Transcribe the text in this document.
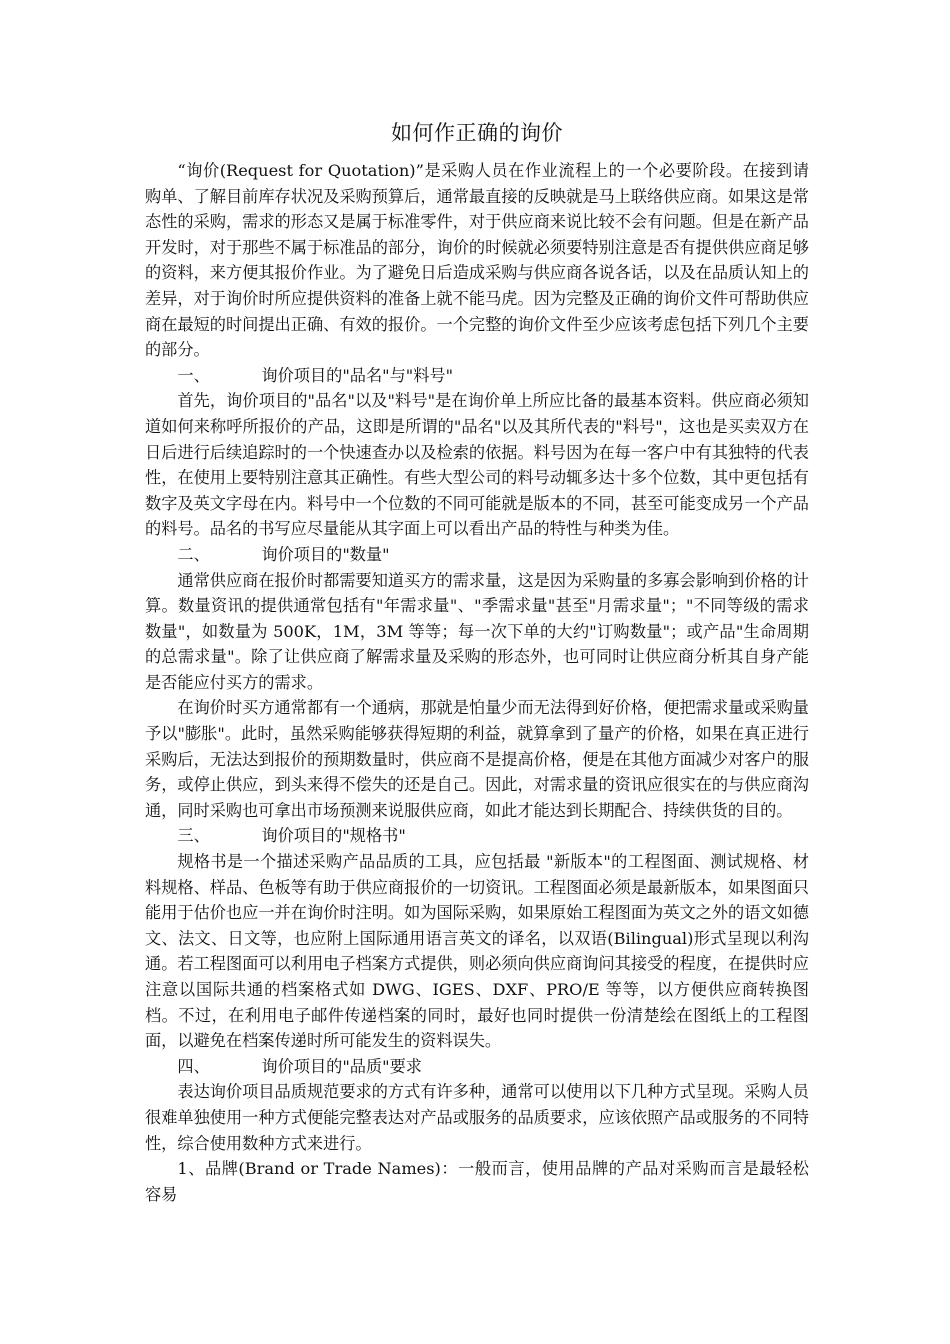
如何作正确的询价

“询价(Request for Quotation)”是采购人员在作业流程上的一个必要阶段。在接到请购单、了解目前库存状况及采购预算后，通常最直接的反映就是马上联络供应商。如果这是常态性的采购，需求的形态又是属于标准零件，对于供应商来说比较不会有问题。但是在新产品开发时，对于那些不属于标准品的部分，询价的时候就必须要特别注意是否有提供供应商足够的资料，来方便其报价作业。为了避免日后造成采购与供应商各说各话，以及在品质认知上的差异，对于询价时所应提供资料的准备上就不能马虎。因为完整及正确的询价文件可帮助供应商在最短的时间提出正确、有效的报价。一个完整的询价文件至少应该考虑包括下列几个主要的部分。

一、	询价项目的"品名"与"料号"

首先，询价项目的"品名"以及"料号"是在询价单上所应比备的最基本资料。供应商必须知道如何来称呼所报价的产品，这即是所谓的"品名"以及其所代表的"料号"，这也是买卖双方在日后进行后续追踪时的一个快速查办以及检索的依据。料号因为在每一客户中有其独特的代表性，在使用上要特别注意其正确性。有些大型公司的料号动辄多达十多个位数，其中更包括有数字及英文字母在内。料号中一个位数的不同可能就是版本的不同，甚至可能变成另一个产品的料号。品名的书写应尽量能从其字面上可以看出产品的特性与种类为佳。

二、	询价项目的"数量"

通常供应商在报价时都需要知道买方的需求量，这是因为采购量的多寡会影响到价格的计算。数量资讯的提供通常包括有"年需求量"、"季需求量"甚至"月需求量"；"不同等级的需求数量"，如数量为 500K，1M，3M 等等；每一次下单的大约"订购数量"；或产品"生命周期的总需求量"。除了让供应商了解需求量及采购的形态外，也可同时让供应商分析其自身产能是否能应付买方的需求。

在询价时买方通常都有一个通病，那就是怕量少而无法得到好价格，便把需求量或采购量予以"膨胀"。此时，虽然采购能够获得短期的利益，就算拿到了量产的价格，如果在真正进行采购后，无法达到报价的预期数量时，供应商不是提高价格，便是在其他方面减少对客户的服务，或停止供应，到头来得不偿失的还是自己。因此，对需求量的资讯应很实在的与供应商沟通，同时采购也可拿出市场预测来说服供应商，如此才能达到长期配合、持续供货的目的。

三、	询价项目的"规格书"

规格书是一个描述采购产品品质的工具，应包括最 "新版本"的工程图面、测试规格、材料规格、样品、色板等有助于供应商报价的一切资讯。工程图面必须是最新版本，如果图面只能用于估价也应一并在询价时注明。如为国际采购，如果原始工程图面为英文之外的语文如德文、法文、日文等，也应附上国际通用语言英文的译名，以双语(Bilingual)形式呈现以利沟通。若工程图面可以利用电子档案方式提供，则必须向供应商询问其接受的程度，在提供时应注意以国际共通的档案格式如 DWG、IGES、DXF、PRO/E 等等，以方便供应商转换图档。不过，在利用电子邮件传递档案的同时，最好也同时提供一份清楚绘在图纸上的工程图面，以避免在档案传递时所可能发生的资料误失。

四、	询价项目的"品质"要求

表达询价项目品质规范要求的方式有许多种，通常可以使用以下几种方式呈现。采购人员很难单独使用一种方式便能完整表达对产品或服务的品质要求，应该依照产品或服务的不同特性，综合使用数种方式来进行。

1、品牌(Brand or Trade Names)：一般而言，使用品牌的产品对采购而言是最轻松容易
